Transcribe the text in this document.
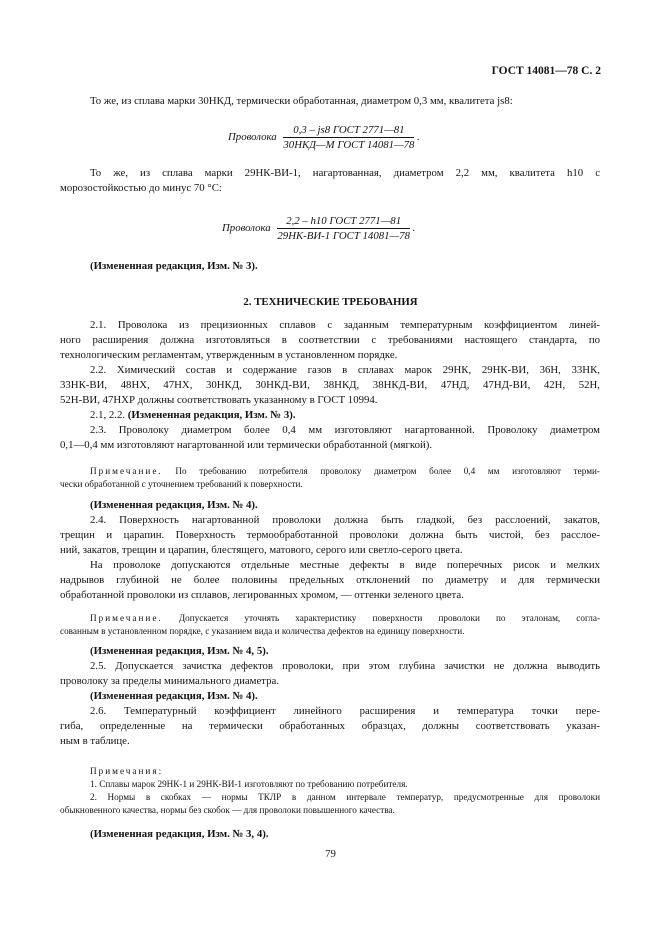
ГОСТ 14081—78 С. 2
То же, из сплава марки 30НКД, термически обработанная, диаметром 0,3 мм, квалитета js8:
Проволока $\frac{\text{0,3 – js8 ГОСТ 2771—81}}{\text{30НКД—М ГОСТ 14081—78}}$ .

То же, из сплава марки 29НК-ВИ-1, нагартованная, диаметром 2,2 мм, квалитета h10 с

морозостойкостью до минус 70 °С:

Проволока $\frac{\text{2,2 – h10 ГОСТ 2771—81}}{\text{29НК-ВИ-1 ГОСТ 14081—78}}$ .
(Измененная редакция, Изм. № 3).
2. ТЕХНИЧЕСКИЕ ТРЕБОВАНИЯ

2.1. Проволока из прецизионных сплавов с заданным температурным коэффициентом линей-

ного расширения должна изготовляться в соответствии с требованиями настоящего стандарта, по

технологическим регламентам, утвержденным в установленном порядке.

2.2. Химический состав и содержание газов в сплавах марок 29НК, 29НК-ВИ, 36Н, 33НК,

33НК-ВИ, 48НХ, 47НХ, 30НКД, 30НКД-ВИ, 38НКД, 38НКД-ВИ, 47НД, 47НД-ВИ, 42Н, 52Н,

52Н-ВИ, 47НХР должны соответствовать указанному в ГОСТ 10994.

2.1, 2.2. (Измененная редакция, Изм. № 3).

2.3. Проволоку диаметром более 0,4 мм изготовляют нагартованной. Проволоку диаметром

0,1—0,4 мм изготовляют нагартованной или термически обработанной (мягкой).

Примечание. По требованию потребителя проволоку диаметром более 0,4 мм изготовляют терми-

чески обработанной с уточнением требований к поверхности.

(Измененная редакция, Изм. № 4).

2.4. Поверхность нагартованной проволоки должна быть гладкой, без расслоений, закатов,

трещин и царапин. Поверхность термообработанной проволоки должна быть чистой, без расслое-

ний, закатов, трещин и царапин, блестящего, матового, серого или светло-серого цвета.

На проволоке допускаются отдельные местные дефекты в виде поперечных рисок и мелких

надрывов глубиной не более половины предельных отклонений по диаметру и для термически

обработанной проволоки из сплавов, легированных хромом, — оттенки зеленого цвета.

Примечание. Допускается уточнять характеристику поверхности проволоки по эталонам, согла-

сованным в установленном порядке, с указанием вида и количества дефектов на единицу поверхности.

(Измененная редакция, Изм. № 4, 5).

2.5. Допускается зачистка дефектов проволоки, при этом глубина зачистки не должна выводить

проволоку за пределы минимального диаметра.

(Измененная редакция, Изм. № 4).

2.6. Температурный коэффициент линейного расширения и температура точки пере-

гиба, определенные на термически обработанных образцах, должны соответствовать указан-

ным в таблице.

Примечания:

1. Сплавы марок 29НК-1 и 29НК-ВИ-1 изготовляют по требованию потребителя.

2. Нормы в скобках — нормы ТКЛР в данном интервале температур, предусмотренные для проволоки

обыкновенного качества, нормы без скобок — для проволоки повышенного качества.

(Измененная редакция, Изм. № 3, 4).

79
